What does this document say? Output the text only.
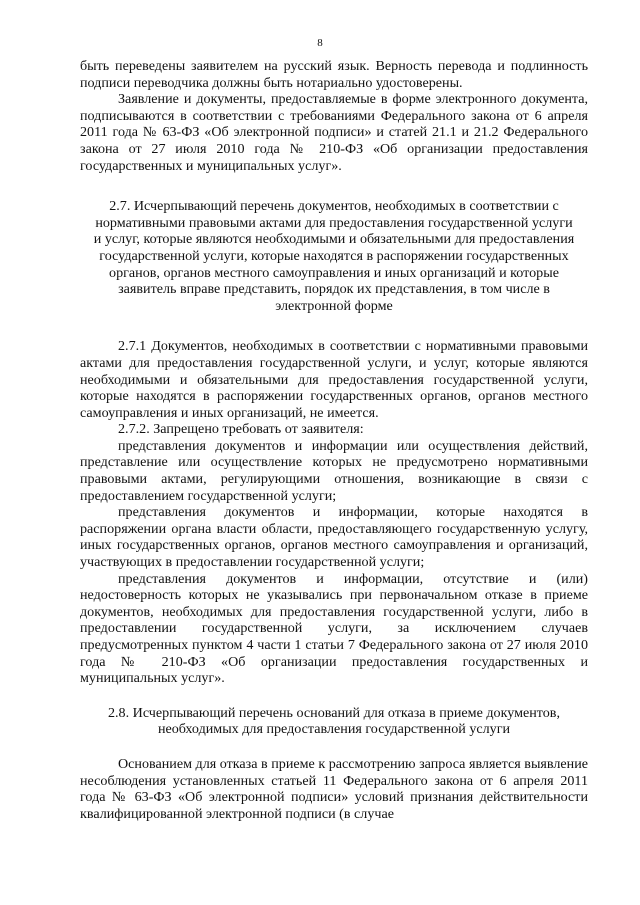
8

быть переведены заявителем на русский язык. Верность перевода и подлинность подписи переводчика должны быть нотариально удостоверены.

Заявление и документы, предоставляемые в форме электронного документа, подписываются в соответствии с требованиями Федерального закона от 6 апреля 2011 года № 63-ФЗ «Об электронной подписи» и статей 21.1 и 21.2 Федерального закона от 27 июля 2010 года № 210-ФЗ «Об организации предоставления государственных и муниципальных услуг».

2.7. Исчерпывающий перечень документов, необходимых в соответствии с нормативными правовыми актами для предоставления государственной услуги и услуг, которые являются необходимыми и обязательными для предоставления государственной услуги, которые находятся в распоряжении государственных органов, органов местного самоуправления и иных организаций и которые заявитель вправе представить, порядок их представления, в том числе в электронной форме

2.7.1 Документов, необходимых в соответствии с нормативными правовыми актами для предоставления государственной услуги, и услуг, которые являются необходимыми и обязательными для предоставления государственной услуги, которые находятся в распоряжении государственных органов, органов местного самоуправления и иных организаций, не имеется.

2.7.2. Запрещено требовать от заявителя:

представления документов и информации или осуществления действий, представление или осуществление которых не предусмотрено нормативными правовыми актами, регулирующими отношения, возникающие в связи с предоставлением государственной услуги;

представления документов и информации, которые находятся в распоряжении органа власти области, предоставляющего государственную услугу, иных государственных органов, органов местного самоуправления и организаций, участвующих в предоставлении государственной услуги;

представления документов и информации, отсутствие и (или) недостоверность которых не указывались при первоначальном отказе в приеме документов, необходимых для предоставления государственной услуги, либо в предоставлении государственной услуги, за исключением случаев предусмотренных пунктом 4 части 1 статьи 7 Федерального закона от 27 июля 2010 года № 210-ФЗ «Об организации предоставления государственных и муниципальных услуг».

2.8. Исчерпывающий перечень оснований для отказа в приеме документов, необходимых для предоставления государственной услуги

Основанием для отказа в приеме к рассмотрению запроса является выявление несоблюдения установленных статьей 11 Федерального закона от 6 апреля 2011 года № 63-ФЗ «Об электронной подписи» условий признания действительности квалифицированной электронной подписи (в случае
